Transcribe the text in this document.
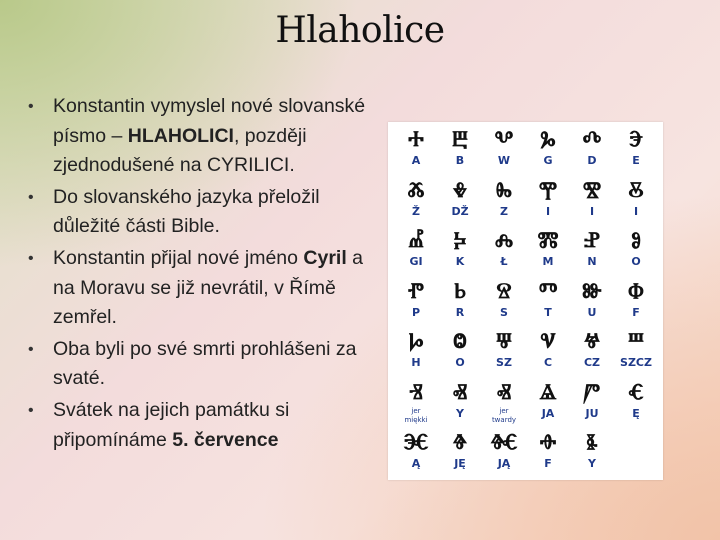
Hlaholice
• Konstantin vymyslel nové slovanské písmo – HLAHOLICI, později zjednodušené na CYRILICI.
• Do slovanského jazyka přeložil důležité části Bible.
• Konstantin přijal nové jméno Cyril a na Moravu se již nevrátil, v Římě zemřel.
• Oba byli po své smrti prohlášeni za svaté.
• Svátek na jejich památku si připomínáme 5. července
Ⰰ
A
Ⰱ
B
Ⰲ
W
Ⰳ
G
Ⰴ
D
Ⰵ
E
Ⰶ
Ž
Ⰷ
DŽ
Ⰸ
Z
Ⰹ
I
Ⰺ
I
Ⰻ
I
Ⰼ
GI
Ⰽ
K
Ⰾ
Ł
Ⰿ
M
Ⱀ
N
Ⱁ
O
Ⱂ
P
Ⱃ
R
Ⱄ
S
Ⱅ
T
Ⱆ
U
Ⱇ
F
Ⱈ
H
Ⱉ
O
Ⱋ
SZ
Ⱌ
C
Ⱍ
CZ
Ⱎ
SZCZ
Ⱐ
jer
miękki
Ⱏ
Y
Ⱏ
jer
twardy
Ⱑ
JA
Ⱓ
JU
Ⱔ
Ę
Ⱗ
Ą
Ⱖ
JĘ
Ⱙ
JĄ
Ⱚ
F
Ⱛ
Y
